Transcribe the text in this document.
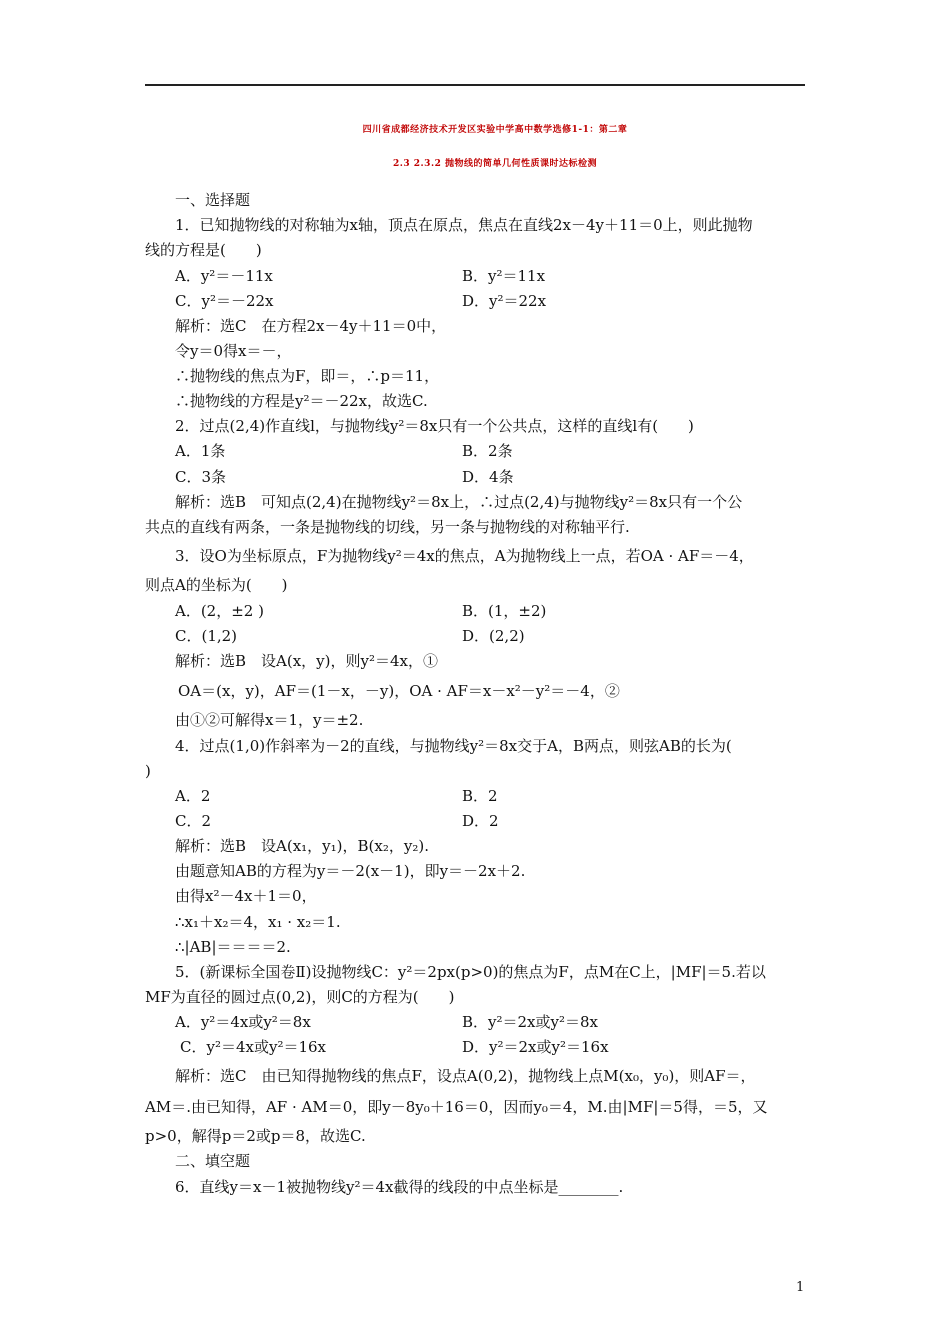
四川省成都经济技术开发区实验中学高中数学选修1-1：第二章
2.3 2.3.2 抛物线的简单几何性质课时达标检测
一、选择题
1．已知抛物线的对称轴为x轴，顶点在原点，焦点在直线2x－4y＋11＝0上，则此抛物
线的方程是(　　)
A．y²＝－11x	B．y²＝11x
C．y²＝－22x	D．y²＝22x
解析：选C　在方程2x－4y＋11＝0中，
令y＝0得x＝－，
∴抛物线的焦点为F，即＝，∴p＝11，
∴抛物线的方程是y²＝－22x，故选C.
2．过点(2,4)作直线l，与抛物线y²＝8x只有一个公共点，这样的直线l有(　　)
A．1条	B．2条
C．3条	D．4条
解析：选B　可知点(2,4)在抛物线y²＝8x上，∴过点(2,4)与抛物线y²＝8x只有一个公
共点的直线有两条，一条是抛物线的切线，另一条与抛物线的对称轴平行.
3．设O为坐标原点，F为抛物线y²＝4x的焦点，A为抛物线上一点，若OA · AF＝－4，
则点A的坐标为(　　)
A．(2，±2 )	B．(1，±2)
C．(1,2)	D．(2,2)
解析：选B　设A(x，y)，则y²＝4x，①
OA＝(x，y)，AF＝(1－x，－y)，OA · AF＝x－x²－y²＝－4，②
由①②可解得x＝1，y＝±2.
4．过点(1,0)作斜率为－2的直线，与抛物线y²＝8x交于A，B两点，则弦AB的长为(
)
A．2	B．2
C．2	D．2
解析：选B　设A(x₁，y₁)，B(x₂，y₂).
由题意知AB的方程为y＝－2(x－1)，即y＝－2x＋2.
由得x²－4x＋1＝0，
∴x₁＋x₂＝4，x₁ · x₂＝1.
∴|AB|＝＝＝＝2.
5．(新课标全国卷Ⅱ)设抛物线C：y²＝2px(p>0)的焦点为F，点M在C上，|MF|＝5.若以
MF为直径的圆过点(0,2)，则C的方程为(　　)
A．y²＝4x或y²＝8x	B．y²＝2x或y²＝8x
C．y²＝4x或y²＝16x	D．y²＝2x或y²＝16x
解析：选C　由已知得抛物线的焦点F，设点A(0,2)，抛物线上点M(x₀，y₀)，则AF＝，
AM＝.由已知得，AF · AM＝0，即y－8y₀＋16＝0，因而y₀＝4，M.由|MF|＝5得，＝5，又
p>0，解得p＝2或p＝8，故选C.
二、填空题
6．直线y＝x－1被抛物线y²＝4x截得的线段的中点坐标是________.
1
